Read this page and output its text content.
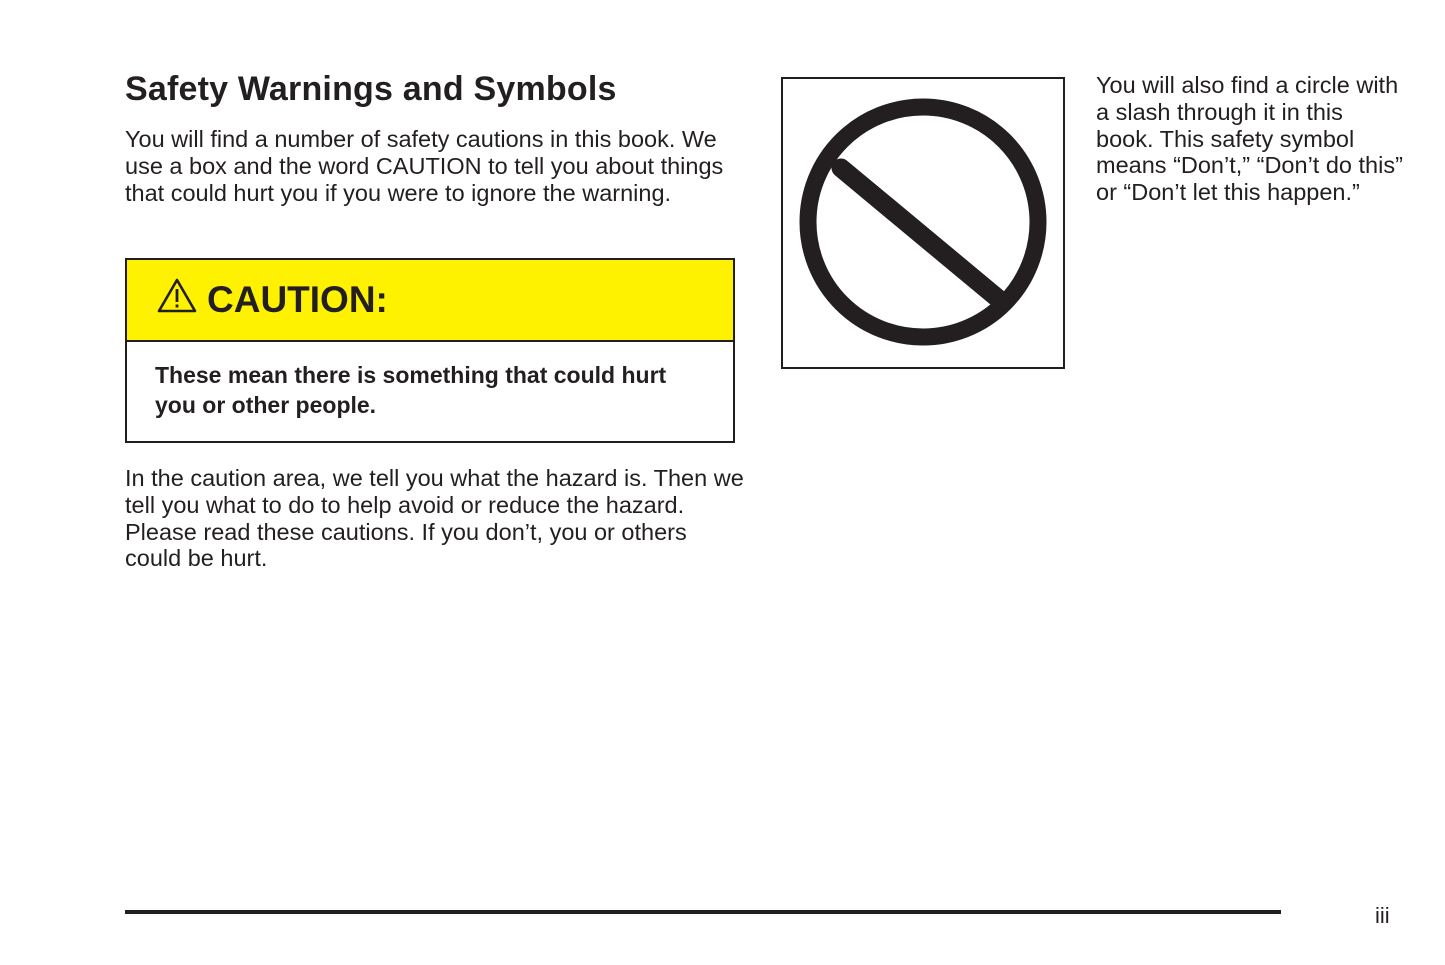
Safety Warnings and Symbols

You will find a number of safety cautions in this book. We use a box and the word CAUTION to tell you about things that could hurt you if you were to ignore the warning.

CAUTION:
These mean there is something that could hurt you or other people.

In the caution area, we tell you what the hazard is. Then we tell you what to do to help avoid or reduce the hazard. Please read these cautions. If you don’t, you or others could be hurt.

You will also find a circle with a slash through it in this book. This safety symbol means “Don’t,” “Don’t do this” or “Don’t let this happen.”

iii
